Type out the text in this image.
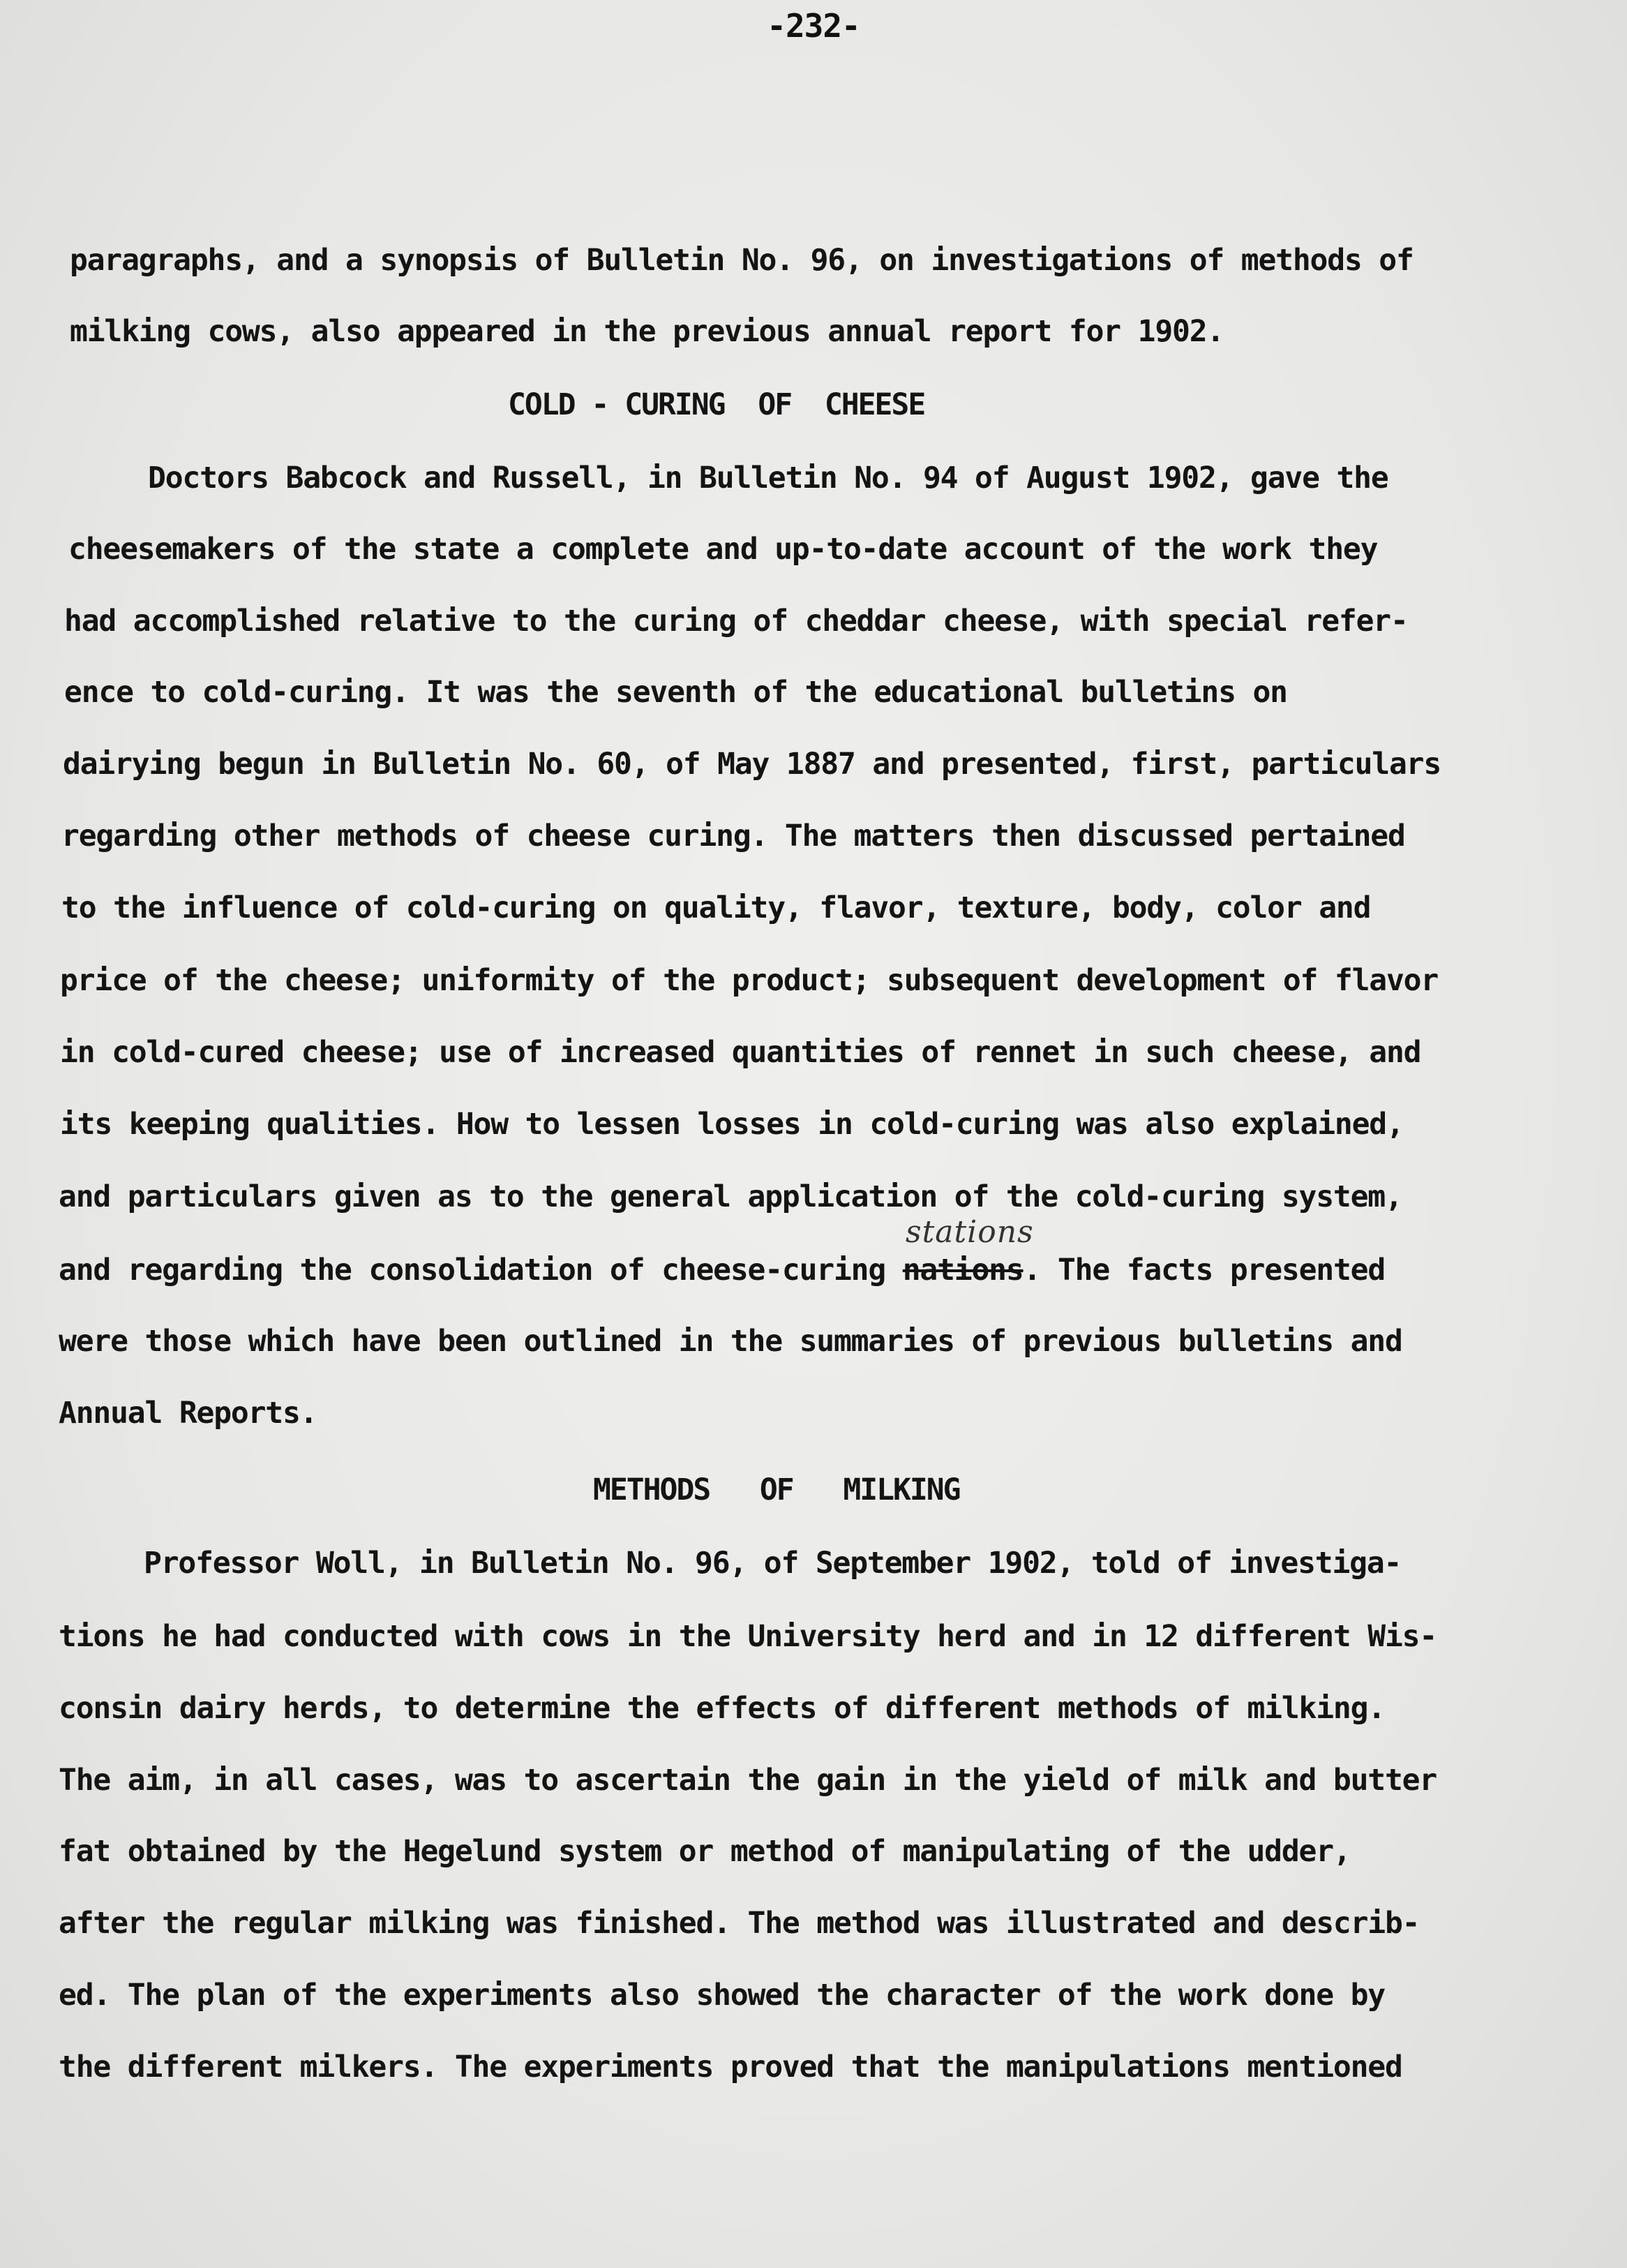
-232-
paragraphs, and a synopsis of Bulletin No. 96, on investigations of methods of
milking cows, also appeared in the previous annual report for 1902.
COLD - CURING  OF  CHEESE
Doctors Babcock and Russell, in Bulletin No. 94 of August 1902, gave the
cheesemakers of the state a complete and up-to-date account of the work they
had accomplished relative to the curing of cheddar cheese, with special refer-
ence to cold-curing. It was the seventh of the educational bulletins on
dairying begun in Bulletin No. 60, of May 1887 and presented, first, particulars
regarding other methods of cheese curing. The matters then discussed pertained
to the influence of cold-curing on quality, flavor, texture, body, color and
price of the cheese; uniformity of the product; subsequent development of flavor
in cold-cured cheese; use of increased quantities of rennet in such cheese, and
its keeping qualities. How to lessen losses in cold-curing was also explained,
and particulars given as to the general application of the cold-curing system,
stations
and regarding the consolidation of cheese-curing nations. The facts presented
were those which have been outlined in the summaries of previous bulletins and
Annual Reports.
METHODS   OF   MILKING
Professor Woll, in Bulletin No. 96, of September 1902, told of investiga-
tions he had conducted with cows in the University herd and in 12 different Wis-
consin dairy herds, to determine the effects of different methods of milking.
The aim, in all cases, was to ascertain the gain in the yield of milk and butter
fat obtained by the Hegelund system or method of manipulating of the udder,
after the regular milking was finished. The method was illustrated and describ-
ed. The plan of the experiments also showed the character of the work done by
the different milkers. The experiments proved that the manipulations mentioned
